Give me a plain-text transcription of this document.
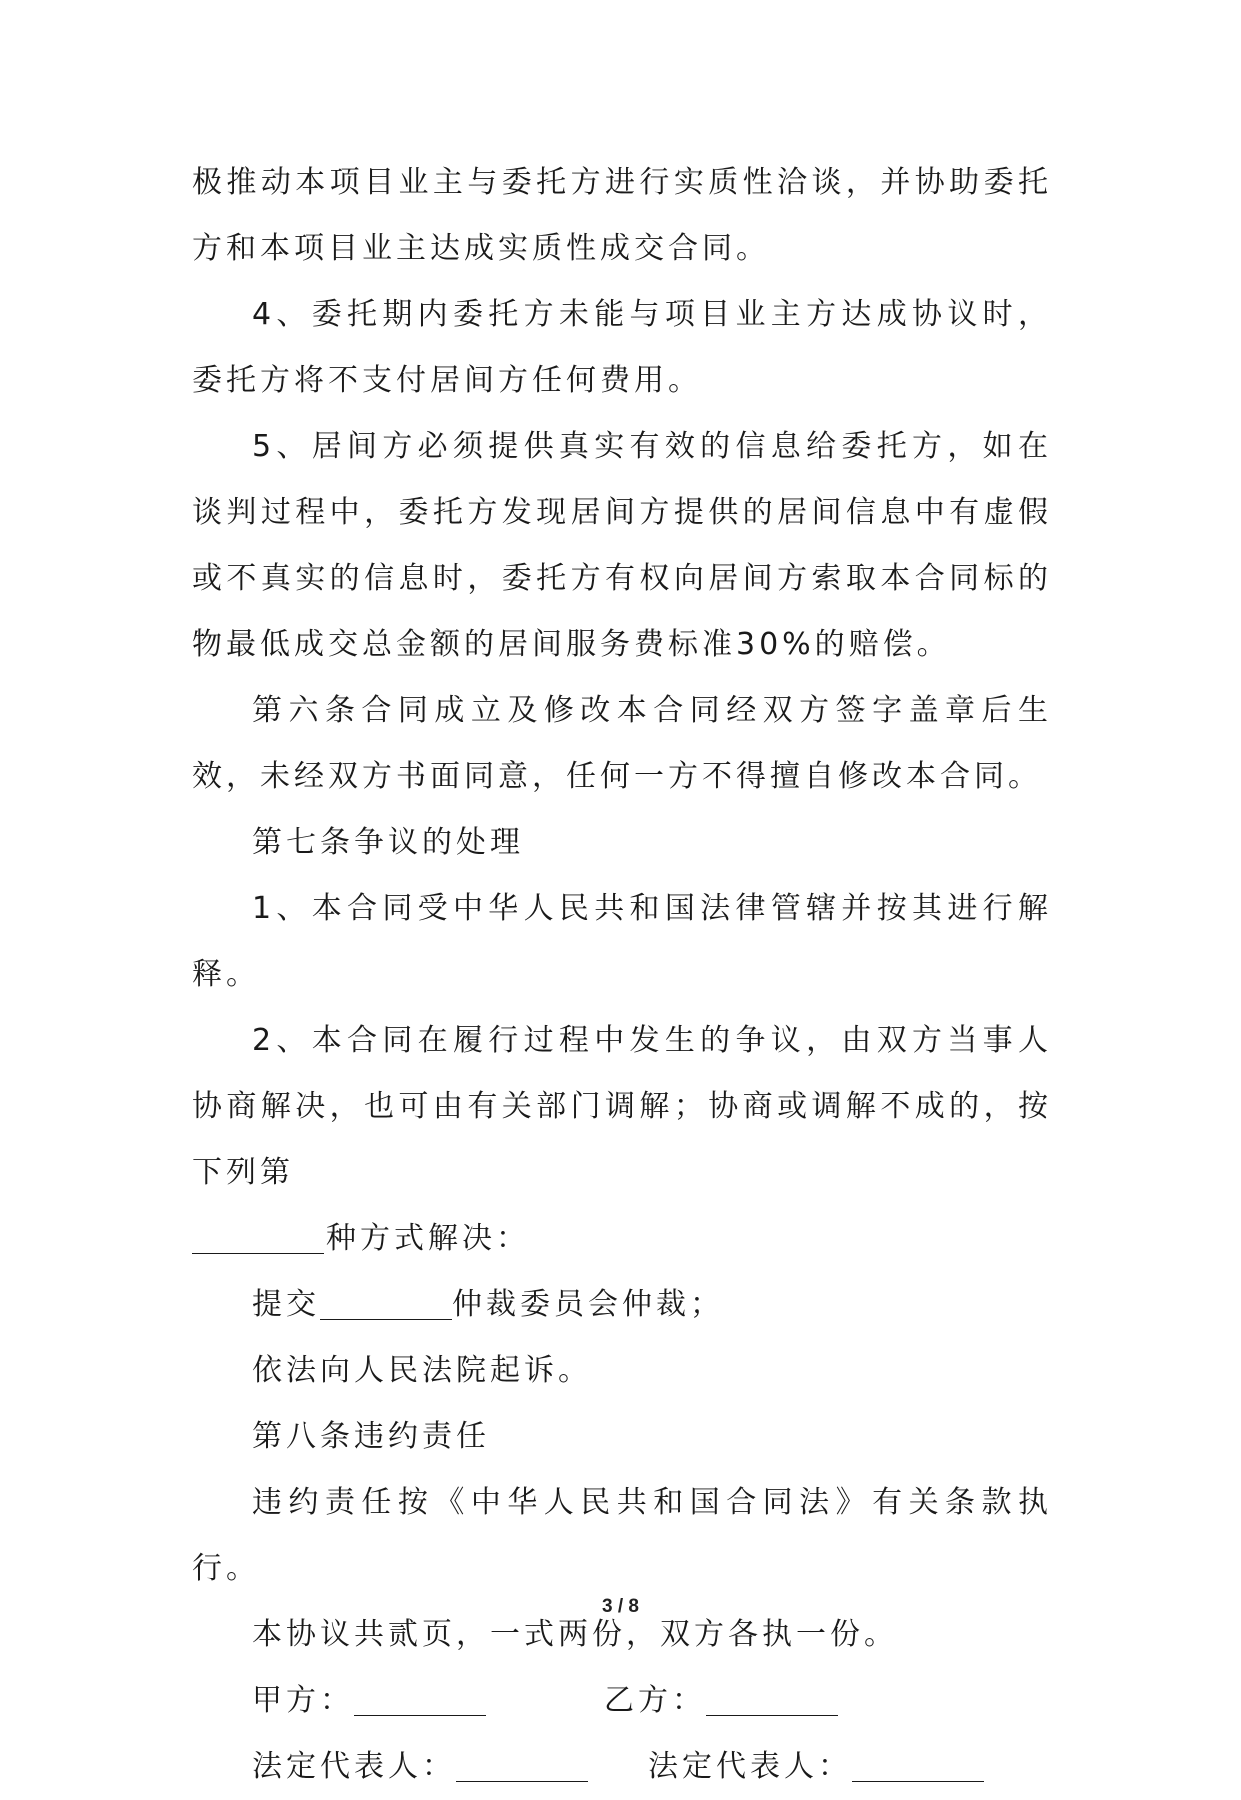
极推动本项目业主与委托方进行实质性洽谈，并协助委托方和本项目业主达成实质性成交合同。

4、委托期内委托方未能与项目业主方达成协议时，委托方将不支付居间方任何费用。

5、居间方必须提供真实有效的信息给委托方，如在谈判过程中，委托方发现居间方提供的居间信息中有虚假或不真实的信息时，委托方有权向居间方索取本合同标的物最低成交总金额的居间服务费标准30%的赔偿。

第六条合同成立及修改本合同经双方签字盖章后生效，未经双方书面同意，任何一方不得擅自修改本合同。

第七条争议的处理

1、本合同受中华人民共和国法律管辖并按其进行解释。

2、本合同在履行过程中发生的争议，由双方当事人协商解决，也可由有关部门调解；协商或调解不成的，按下列第
种方式解决：

提交	仲裁委员会仲裁；

依法向人民法院起诉。

第八条违约责任

违约责任按《中华人民共和国合同法》有关条款执行。

本协议共贰页，一式两份，双方各执一份。

甲方：	乙方：
法定代表人：	法定代表人：
3 / 8
